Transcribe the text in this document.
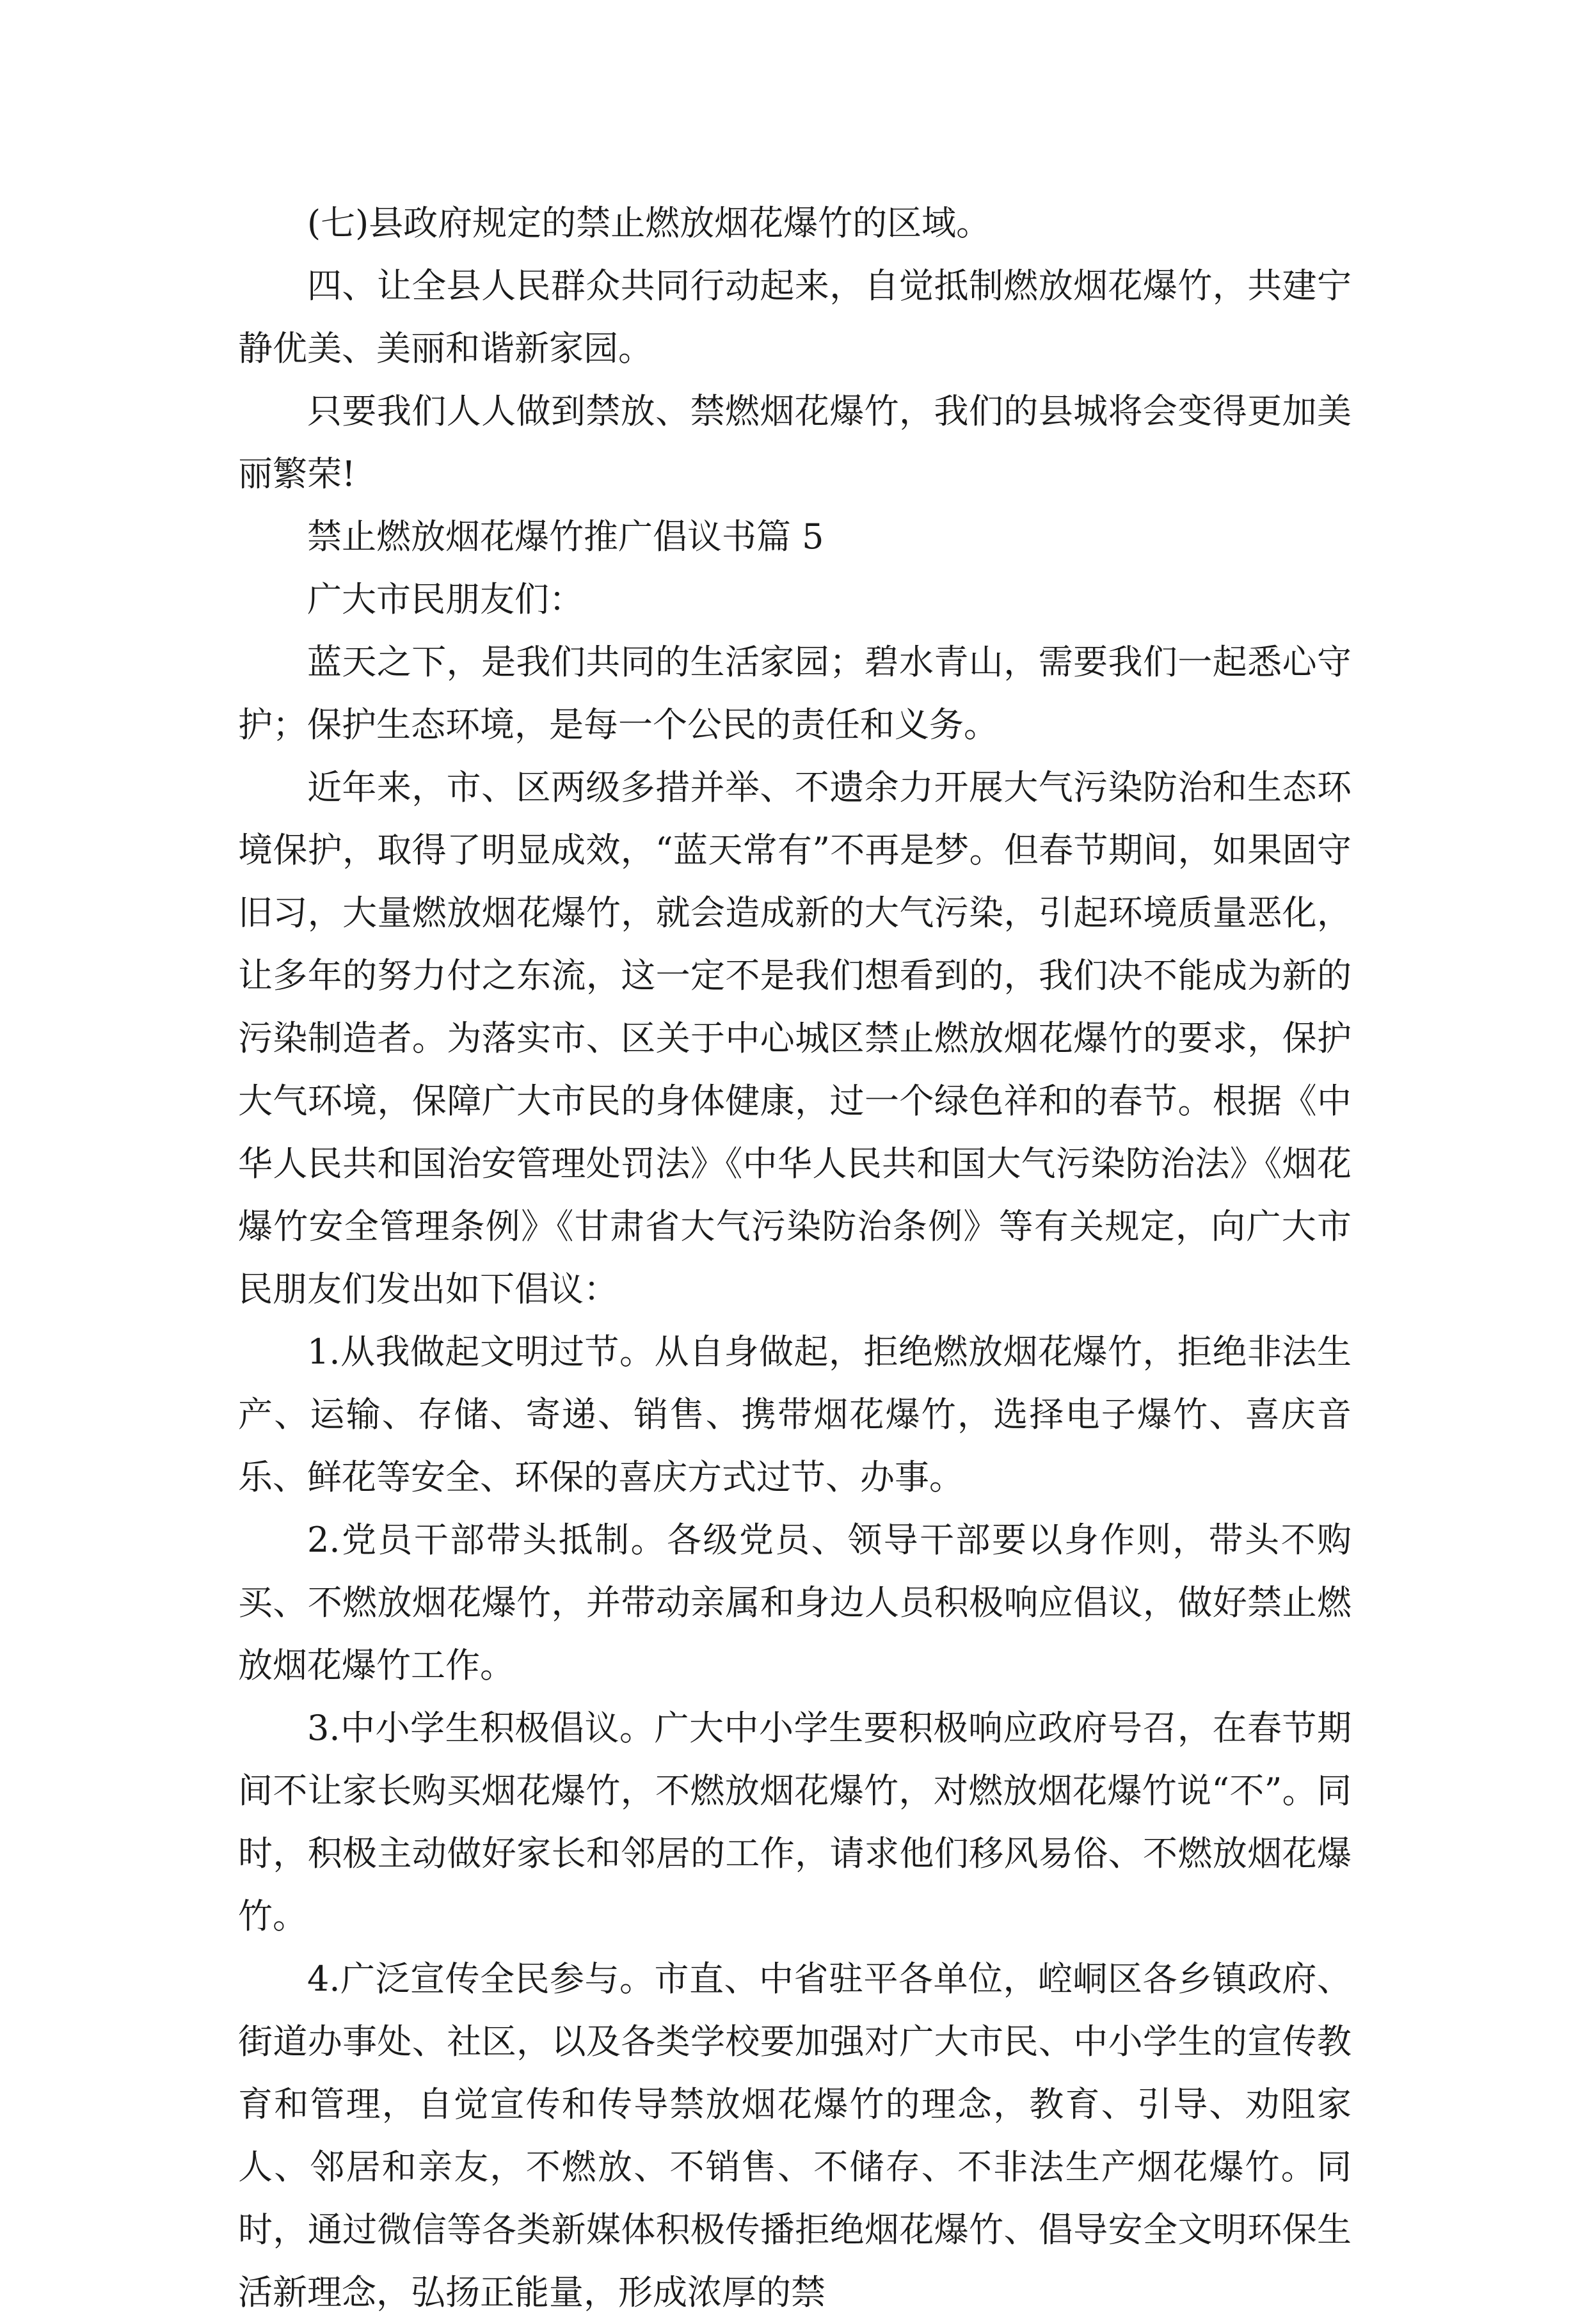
(七)县政府规定的禁止燃放烟花爆竹的区域。

四、让全县人民群众共同行动起来，自觉抵制燃放烟花爆竹，共建宁静优美、美丽和谐新家园。

只要我们人人做到禁放、禁燃烟花爆竹，我们的县城将会变得更加美丽繁荣!

禁止燃放烟花爆竹推广倡议书篇 5

广大市民朋友们：

蓝天之下，是我们共同的生活家园；碧水青山，需要我们一起悉心守护；保护生态环境，是每一个公民的责任和义务。

近年来，市、区两级多措并举、不遗余力开展大气污染防治和生态环境保护，取得了明显成效，“蓝天常有”不再是梦。但春节期间，如果固守旧习，大量燃放烟花爆竹，就会造成新的大气污染，引起环境质量恶化，让多年的努力付之东流，这一定不是我们想看到的，我们决不能成为新的污染制造者。为落实市、区关于中心城区禁止燃放烟花爆竹的要求，保护大气环境，保障广大市民的身体健康，过一个绿色祥和的春节。根据《中华人民共和国治安管理处罚法》《中华人民共和国大气污染防治法》《烟花爆竹安全管理条例》《甘肃省大气污染防治条例》等有关规定，向广大市民朋友们发出如下倡议：

1.从我做起文明过节。从自身做起，拒绝燃放烟花爆竹，拒绝非法生产、运输、存储、寄递、销售、携带烟花爆竹，选择电子爆竹、喜庆音乐、鲜花等安全、环保的喜庆方式过节、办事。

2.党员干部带头抵制。各级党员、领导干部要以身作则，带头不购买、不燃放烟花爆竹，并带动亲属和身边人员积极响应倡议，做好禁止燃放烟花爆竹工作。

3.中小学生积极倡议。广大中小学生要积极响应政府号召，在春节期间不让家长购买烟花爆竹，不燃放烟花爆竹，对燃放烟花爆竹说“不”。同时，积极主动做好家长和邻居的工作，请求他们移风易俗、不燃放烟花爆竹。

4.广泛宣传全民参与。市直、中省驻平各单位，崆峒区各乡镇政府、街道办事处、社区，以及各类学校要加强对广大市民、中小学生的宣传教育和管理，自觉宣传和传导禁放烟花爆竹的理念，教育、引导、劝阻家人、邻居和亲友，不燃放、不销售、不储存、不非法生产烟花爆竹。同时，通过微信等各类新媒体积极传播拒绝烟花爆竹、倡导安全文明环保生活新理念，弘扬正能量，形成浓厚的禁
